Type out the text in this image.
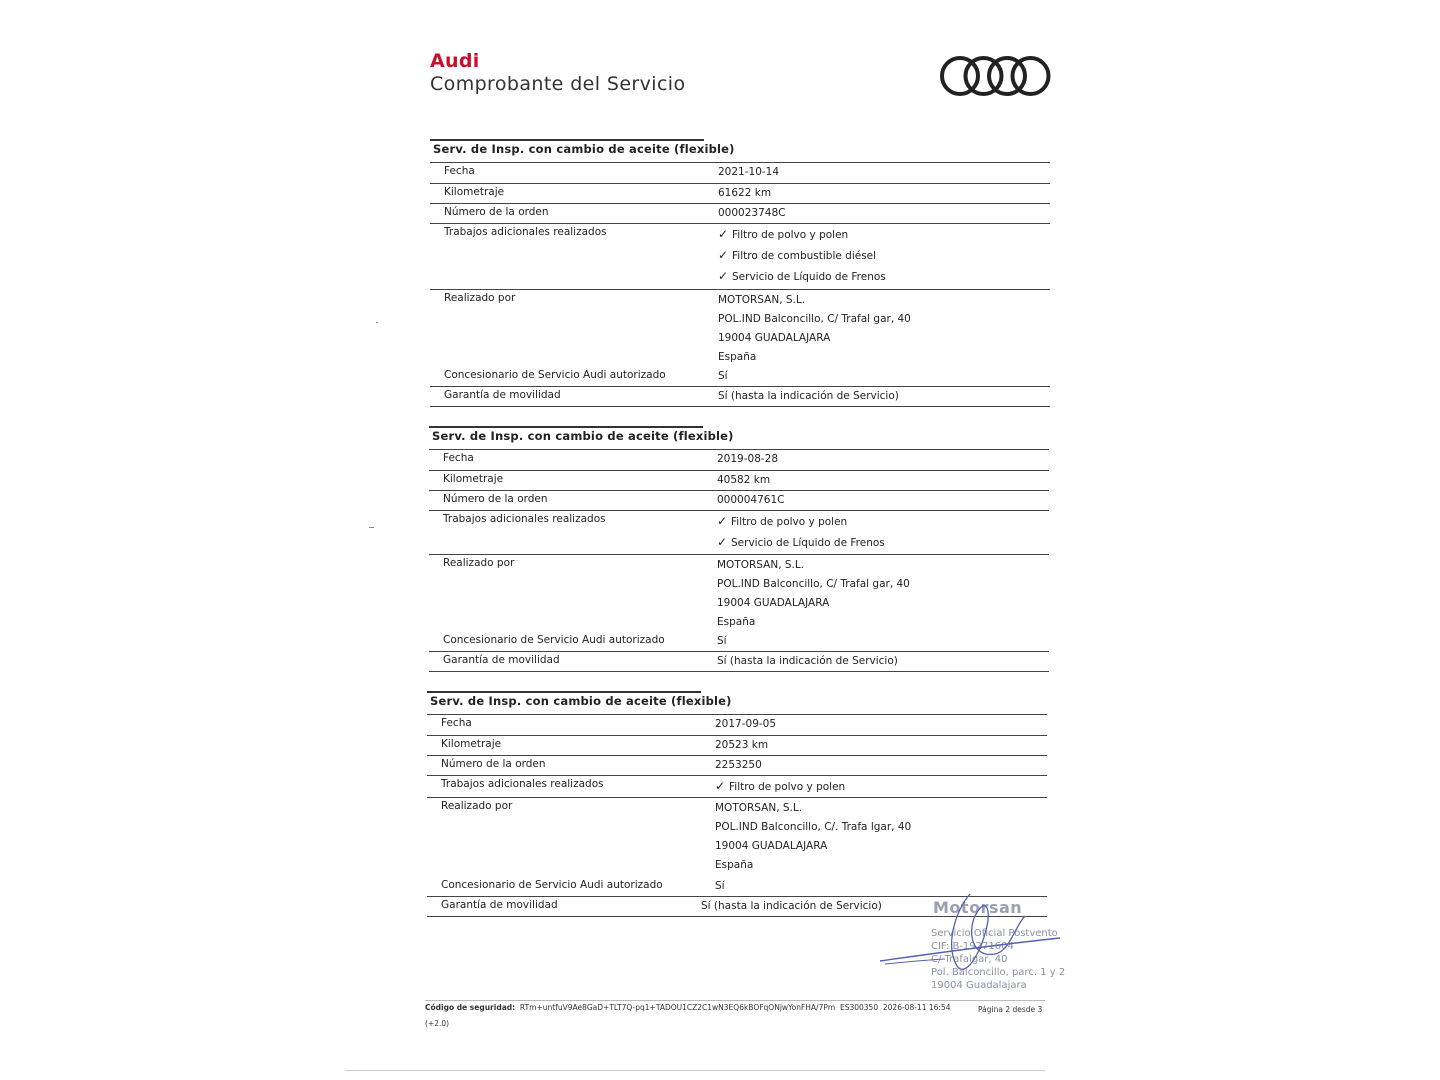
Audi
Comprobante del Servicio
Serv. de Insp. con cambio de aceite (flexible)
Fecha	2021-10-14
Kilometraje	61622 km
Número de la orden	000023748C
Trabajos adicionales realizados	✓ Filtro de polvo y polen
✓ Filtro de combustible diésel
✓ Servicio de Líquido de Frenos
Realizado por	MOTORSAN, S.L.
POL.IND Balconcillo, C/ Trafal gar, 40
19004 GUADALAJARA
España
Concesionario de Servicio Audi autorizado	Sí
Garantía de movilidad	Sí (hasta la indicación de Servicio)
Serv. de Insp. con cambio de aceite (flexible)
Fecha	2019-08-28
Kilometraje	40582 km
Número de la orden	000004761C
Trabajos adicionales realizados	✓ Filtro de polvo y polen
✓ Servicio de Líquido de Frenos
Realizado por	MOTORSAN, S.L.
POL.IND Balconcillo, C/ Trafal gar, 40
19004 GUADALAJARA
España
Concesionario de Servicio Audi autorizado	Sí
Garantía de movilidad	Sí (hasta la indicación de Servicio)
Serv. de Insp. con cambio de aceite (flexible)
Fecha	2017-09-05
Kilometraje	20523 km
Número de la orden	2253250
Trabajos adicionales realizados	✓ Filtro de polvo y polen
Realizado por	MOTORSAN, S.L.
POL.IND Balconcillo, C/. Trafa lgar, 40
19004 GUADALAJARA
España
Concesionario de Servicio Audi autorizado	Sí
Garantía de movilidad	Sí (hasta la indicación de Servicio)	Motorsan
Servicio Oficial Postvento
CIF: B-19271604
C/ Trafalgar, 40
Pol. Balconcillo, parc. 1 y 2
19004 Guadalajara
Código de seguridad: RTm+untfuV9Ae8GaD+TLT7Q-pq1+TADOU1CZ2C1wN3EQ6kBOFqONjwYonFHA/7Pm ES300350 2026-08-11 16:54
(+2.0)
Página 2 desde 3
